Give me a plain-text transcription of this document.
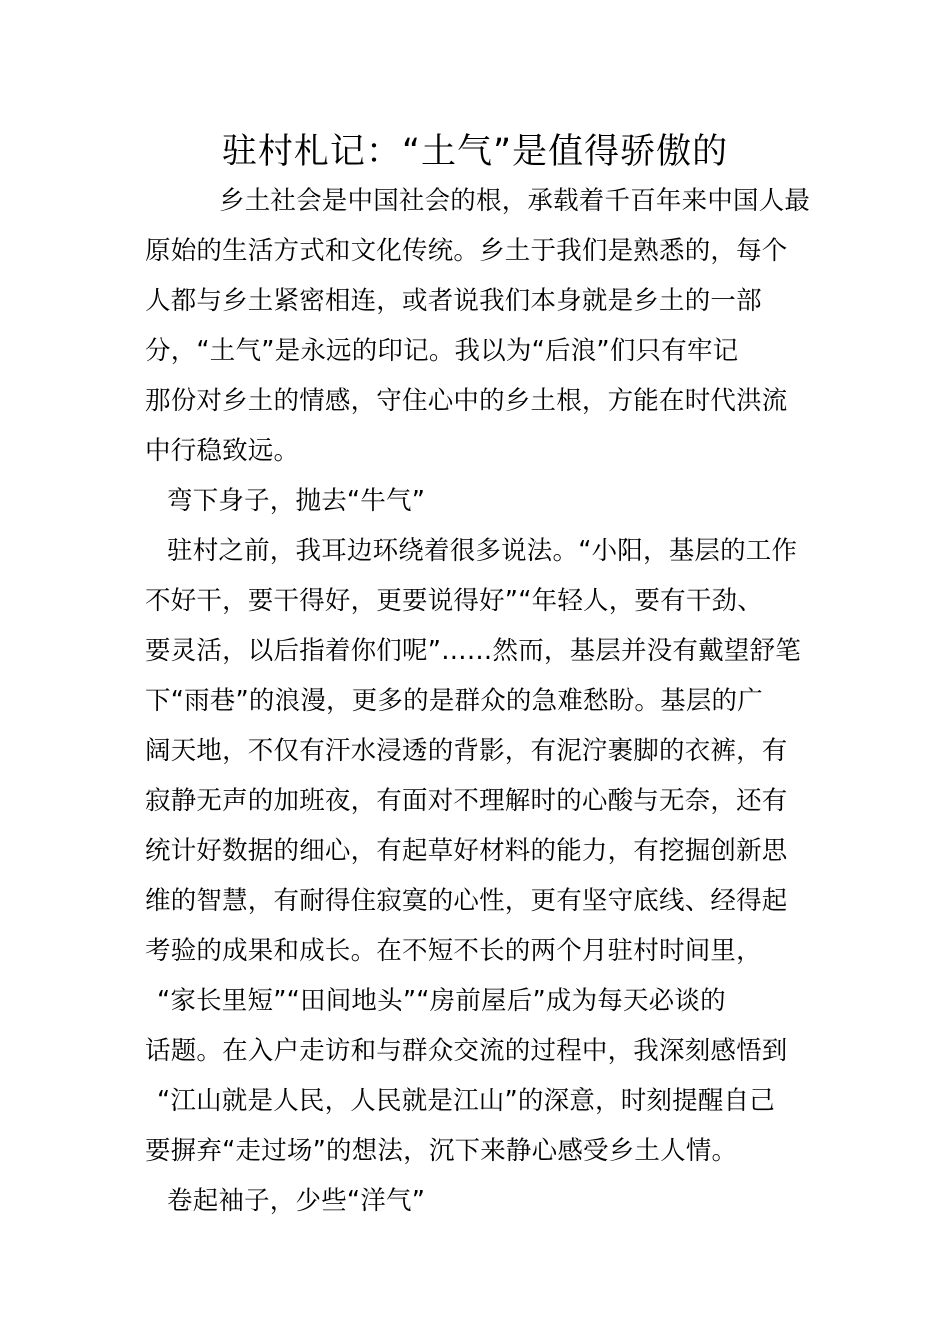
驻村札记：“土气”是值得骄傲的
乡土社会是中国社会的根，承载着千百年来中国人最
原始的生活方式和文化传统。乡土于我们是熟悉的，每个
人都与乡土紧密相连，或者说我们本身就是乡土的一部
分，“土气”是永远的印记。我以为“后浪”们只有牢记
那份对乡土的情感，守住心中的乡土根，方能在时代洪流
中行稳致远。
弯下身子，抛去“牛气”
驻村之前，我耳边环绕着很多说法。“小阳，基层的工作
不好干，要干得好，更要说得好”“年轻人，要有干劲、
要灵活，以后指着你们呢”……然而，基层并没有戴望舒笔
下“雨巷”的浪漫，更多的是群众的急难愁盼。基层的广
阔天地，不仅有汗水浸透的背影，有泥泞裹脚的衣裤，有
寂静无声的加班夜，有面对不理解时的心酸与无奈，还有
统计好数据的细心，有起草好材料的能力，有挖掘创新思
维的智慧，有耐得住寂寞的心性，更有坚守底线、经得起
考验的成果和成长。在不短不长的两个月驻村时间里，
“家长里短”“田间地头”“房前屋后”成为每天必谈的
话题。在入户走访和与群众交流的过程中，我深刻感悟到
“江山就是人民，人民就是江山”的深意，时刻提醒自己
要摒弃“走过场”的想法，沉下来静心感受乡土人情。
卷起袖子，少些“洋气”
